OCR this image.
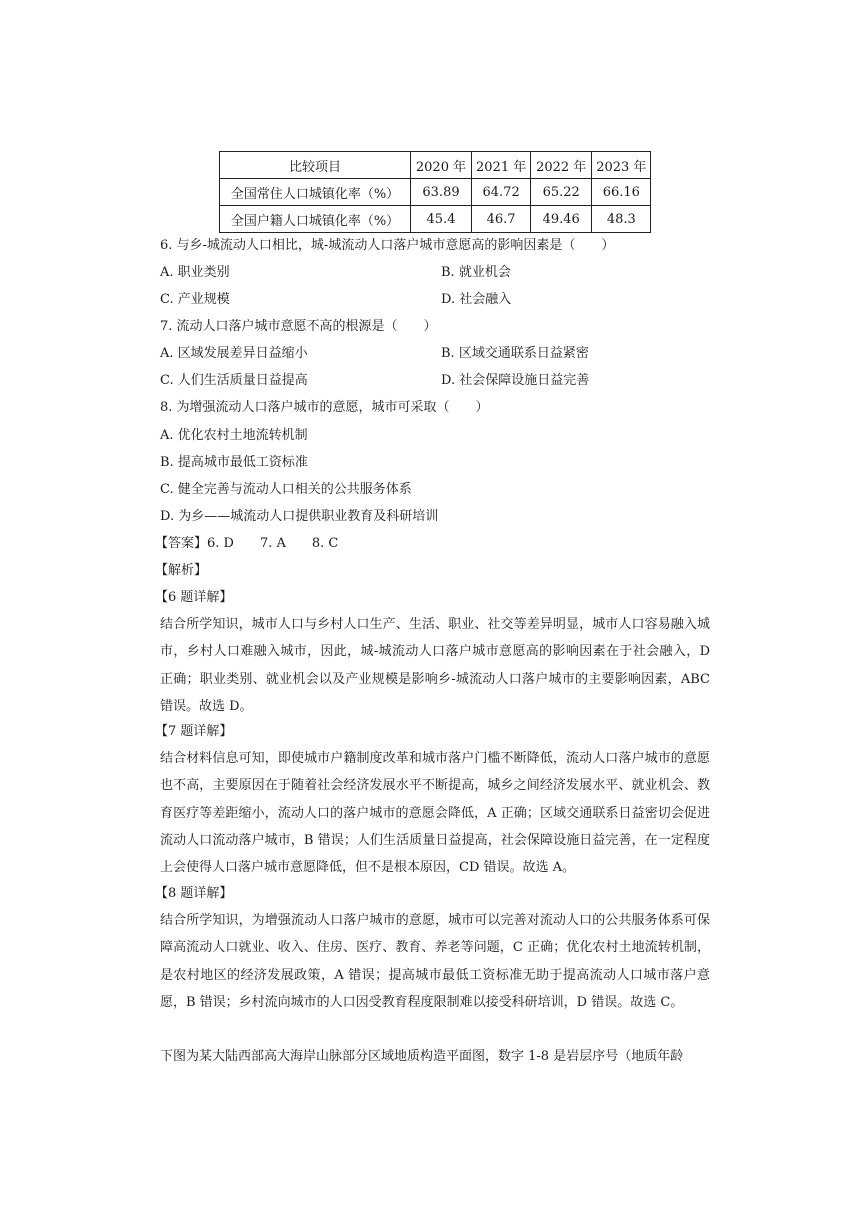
比较项目	2020 年	2021 年	2022 年	2023 年
全国常住人口城镇化率（%）	63.89	64.72	65.22	66.16
全国户籍人口城镇化率（%）	45.4	46.7	49.46	48.3
6. 与乡-城流动人口相比，城-城流动人口落户城市意愿高的影响因素是（　　）
A. 职业类别	B. 就业机会
C. 产业规模	D. 社会融入
7. 流动人口落户城市意愿不高的根源是（　　）
A. 区域发展差异日益缩小	B. 区域交通联系日益紧密
C. 人们生活质量日益提高	D. 社会保障设施日益完善
8. 为增强流动人口落户城市的意愿，城市可采取（　　）
A. 优化农村土地流转机制
B. 提高城市最低工资标准
C. 健全完善与流动人口相关的公共服务体系
D. 为乡——城流动人口提供职业教育及科研培训
【答案】6. D　　7. A　　8. C
【解析】
【6 题详解】
结合所学知识，城市人口与乡村人口生产、生活、职业、社交等差异明显，城市人口容易融入城市，乡村人口难融入城市，因此，城-城流动人口落户城市意愿高的影响因素在于社会融入，D 正确；职业类别、就业机会以及产业规模是影响乡-城流动人口落户城市的主要影响因素，ABC 错误。故选 D。
【7 题详解】
结合材料信息可知，即使城市户籍制度改革和城市落户门槛不断降低，流动人口落户城市的意愿也不高，主要原因在于随着社会经济发展水平不断提高，城乡之间经济发展水平、就业机会、教育医疗等差距缩小，流动人口的落户城市的意愿会降低，A 正确；区域交通联系日益密切会促进流动人口流动落户城市，B 错误；人们生活质量日益提高，社会保障设施日益完善，在一定程度上会使得人口落户城市意愿降低，但不是根本原因，CD 错误。故选 A。
【8 题详解】
结合所学知识，为增强流动人口落户城市的意愿，城市可以完善对流动人口的公共服务体系可保障高流动人口就业、收入、住房、医疗、教育、养老等问题，C 正确；优化农村土地流转机制，是农村地区的经济发展政策，A 错误；提高城市最低工资标准无助于提高流动人口城市落户意愿，B 错误；乡村流向城市的人口因受教育程度限制难以接受科研培训，D 错误。故选 C。
下图为某大陆西部高大海岸山脉部分区域地质构造平面图，数字 1-8 是岩层序号（地质年龄
